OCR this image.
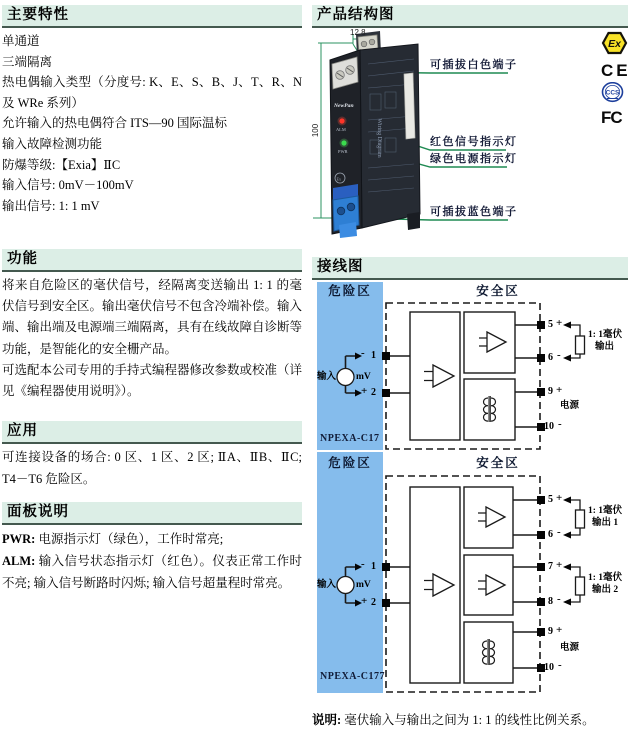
主要特性

单通道

三端隔离

热电偶输入类型（分度号: K、E、S、B、J、T、R、N 及 WRe 系列）

允许输入的热电偶符合 ITS—90 国际温标

输入故障检测功能

防爆等级:【Exia】ⅡC

输入信号: 0mV－100mV

输出信号: 1: 1 mV

功能

将来自危险区的毫伏信号，经隔离变送输出 1: 1 的毫伏信号到安全区。输出毫伏信号不包含冷端补偿。输入端、输出端及电源端三端隔离，具有在线故障自诊断等功能，是智能化的安全栅产品。

可选配本公司专用的手持式编程器修改参数或校准（详见《编程器使用说明》）。

应用

可连接设备的场合: 0 区、1 区、2 区; ⅡA、ⅡB、ⅡC; T4－T6 危险区。

面板说明

PWR: 电源指示灯（绿色），工作时常亮;

ALM: 输入信号状态指示灯（红色）。仪表正常工作时不亮; 输入信号断路时闪烁; 输入信号超量程时常亮。

产品结构图
Wiring Diagram
NewPan
ALM
PWR
Ex
12.8
100
可插拔白色端子
红色信号指示灯
绿色电源指示灯
可插拔蓝色端子
Ex
CE
CCS
FC
接线图
危险区	安全区
输入 mV
- 1
+ 2
5 +
6 -
9 +
10 -
1: 1毫伏
输出
电源
NPEXA-C17
危险区	安全区
输入 mV
- 1
+ 2
5 +
6 -
7 +
8 -
9 +
10 -
1: 1毫伏
输出 1
1: 1毫伏
输出 2
电源
NPEXA-C177
说明: 毫伏输入与输出之间为 1: 1 的线性比例关系。
